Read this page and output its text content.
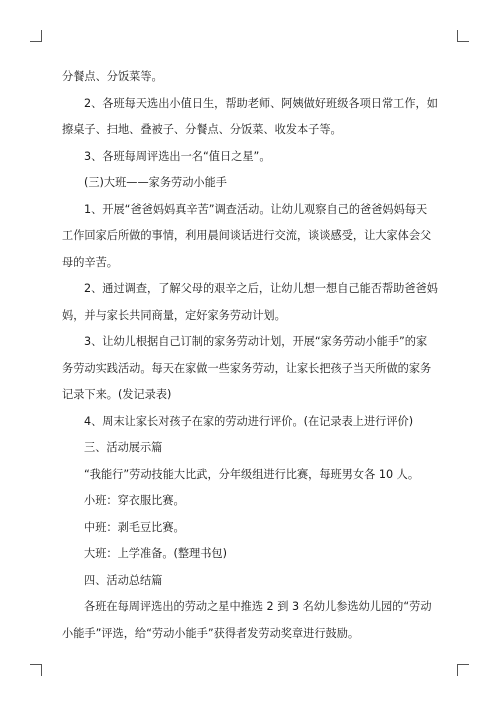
分餐点、分饭菜等。

2、各班每天选出小值日生，帮助老师、阿姨做好班级各项日常工作，如擦桌子、扫地、叠被子、分餐点、分饭菜、收发本子等。

3、各班每周评选出一名“值日之星”。

(三)大班——家务劳动小能手

1、开展“爸爸妈妈真辛苦”调查活动。让幼儿观察自己的爸爸妈妈每天工作回家后所做的事情，利用晨间谈话进行交流，谈谈感受，让大家体会父母的辛苦。

2、通过调查，了解父母的艰辛之后，让幼儿想一想自己能否帮助爸爸妈妈，并与家长共同商量，定好家务劳动计划。

3、让幼儿根据自己订制的家务劳动计划，开展“家务劳动小能手”的家务劳动实践活动。每天在家做一些家务劳动，让家长把孩子当天所做的家务记录下来。(发记录表)

4、周末让家长对孩子在家的劳动进行评价。(在记录表上进行评价)

三、活动展示篇

“我能行”劳动技能大比武，分年级组进行比赛，每班男女各 10 人。

小班：穿衣服比赛。

中班：剥毛豆比赛。

大班：上学准备。(整理书包)

四、活动总结篇

各班在每周评选出的劳动之星中推选 2 到 3 名幼儿参选幼儿园的“劳动小能手”评选，给“劳动小能手”获得者发劳动奖章进行鼓励。
